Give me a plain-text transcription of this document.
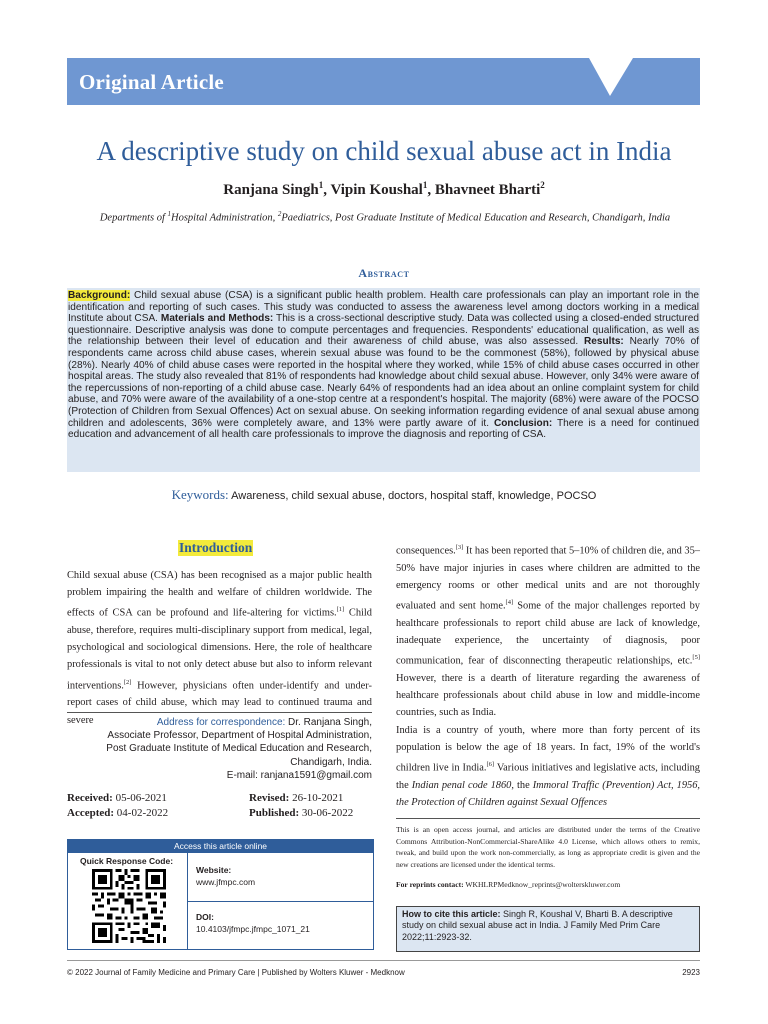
Original Article
A descriptive study on child sexual abuse act in India
Ranjana Singh$^1$, Vipin Koushal$^1$, Bhavneet Bharti$^2$
Departments of $^1$Hospital Administration, $^2$Paediatrics, Post Graduate Institute of Medical Education and Research, Chandigarh, India
Abstract

Background: Child sexual abuse (CSA) is a significant public health problem. Health care professionals can play an important role in the identification and reporting of such cases. This study was conducted to assess the awareness level among doctors working in a medical Institute about CSA. Materials and Methods: This is a cross-sectional descriptive study. Data was collected using a closed-ended structured questionnaire. Descriptive analysis was done to compute percentages and frequencies. Respondents' educational qualification, as well as the relationship between their level of education and their awareness of child abuse, was also assessed. Results: Nearly 70% of respondents came across child abuse cases, wherein sexual abuse was found to be the commonest (58%), followed by physical abuse (28%). Nearly 40% of child abuse cases were reported in the hospital where they worked, while 15% of child abuse cases occurred in other hospital areas. The study also revealed that 81% of respondents had knowledge about child sexual abuse. However, only 34% were aware of the repercussions of non-reporting of a child abuse case. Nearly 64% of respondents had an idea about an online complaint system for child abuse, and 70% were aware of the availability of a one-stop centre at a respondent's hospital. The majority (68%) were aware of the POCSO (Protection of Children from Sexual Offences) Act on sexual abuse. On seeking information regarding evidence of anal sexual abuse among children and adolescents, 36% were completely aware, and 13% were partly aware of it. Conclusion: There is a need for continued education and advancement of all health care professionals to improve the diagnosis and reporting of CSA.

Keywords: Awareness, child sexual abuse, doctors, hospital staff, knowledge, POCSO
Introduction

Child sexual abuse (CSA) has been recognised as a major public health problem impairing the health and welfare of children worldwide. The effects of CSA can be profound and life-altering for victims.[1] Child abuse, therefore, requires multi-disciplinary support from medical, legal, psychological and sociological dimensions. Here, the role of healthcare professionals is vital to not only detect abuse but also to inform relevant interventions.[2] However, physicians often under-identify and under-report cases of child abuse, which may lead to continued trauma and severe

consequences.[3] It has been reported that 5–10% of children die, and 35–50% have major injuries in cases where children are admitted to the emergency rooms or other medical units and are not thoroughly evaluated and sent home.[4] Some of the major challenges reported by healthcare professionals to report child abuse are lack of knowledge, inadequate experience, the uncertainty of diagnosis, poor communication, fear of disconnecting therapeutic relationships, etc.[5] However, there is a dearth of literature regarding the awareness of healthcare professionals about child abuse in low and middle-income countries, such as India.

India is a country of youth, where more than forty percent of its population is below the age of 18 years. In fact, 19% of the world's children live in India.[6] Various initiatives and legislative acts, including the Indian penal code 1860, the Immoral Traffic (Prevention) Act, 1956, the Protection of Children against Sexual Offences

Address for correspondence: Dr. Ranjana Singh,
Associate Professor, Department of Hospital Administration,
Post Graduate Institute of Medical Education and Research,
Chandigarh, India.
E-mail: ranjana1591@gmail.com
Received: 05-06-2021	Revised: 26-10-2021
Accepted: 04-02-2022	Published: 30-06-2022
Access this article online
Quick Response Code:
Website:
www.jfmpc.com
DOI:
10.4103/jfmpc.jfmpc_1071_21

This is an open access journal, and articles are distributed under the terms of the Creative Commons Attribution-NonCommercial-ShareAlike 4.0 License, which allows others to remix, tweak, and build upon the work non-commercially, as long as appropriate credit is given and the new creations are licensed under the identical terms.

For reprints contact: WKHLRPMedknow_reprints@wolterskluwer.com
How to cite this article: Singh R, Koushal V, Bharti B. A descriptive study on child sexual abuse act in India. J Family Med Prim Care 2022;11:2923-32.
© 2022 Journal of Family Medicine and Primary Care | Published by Wolters Kluwer - Medknow	2923
